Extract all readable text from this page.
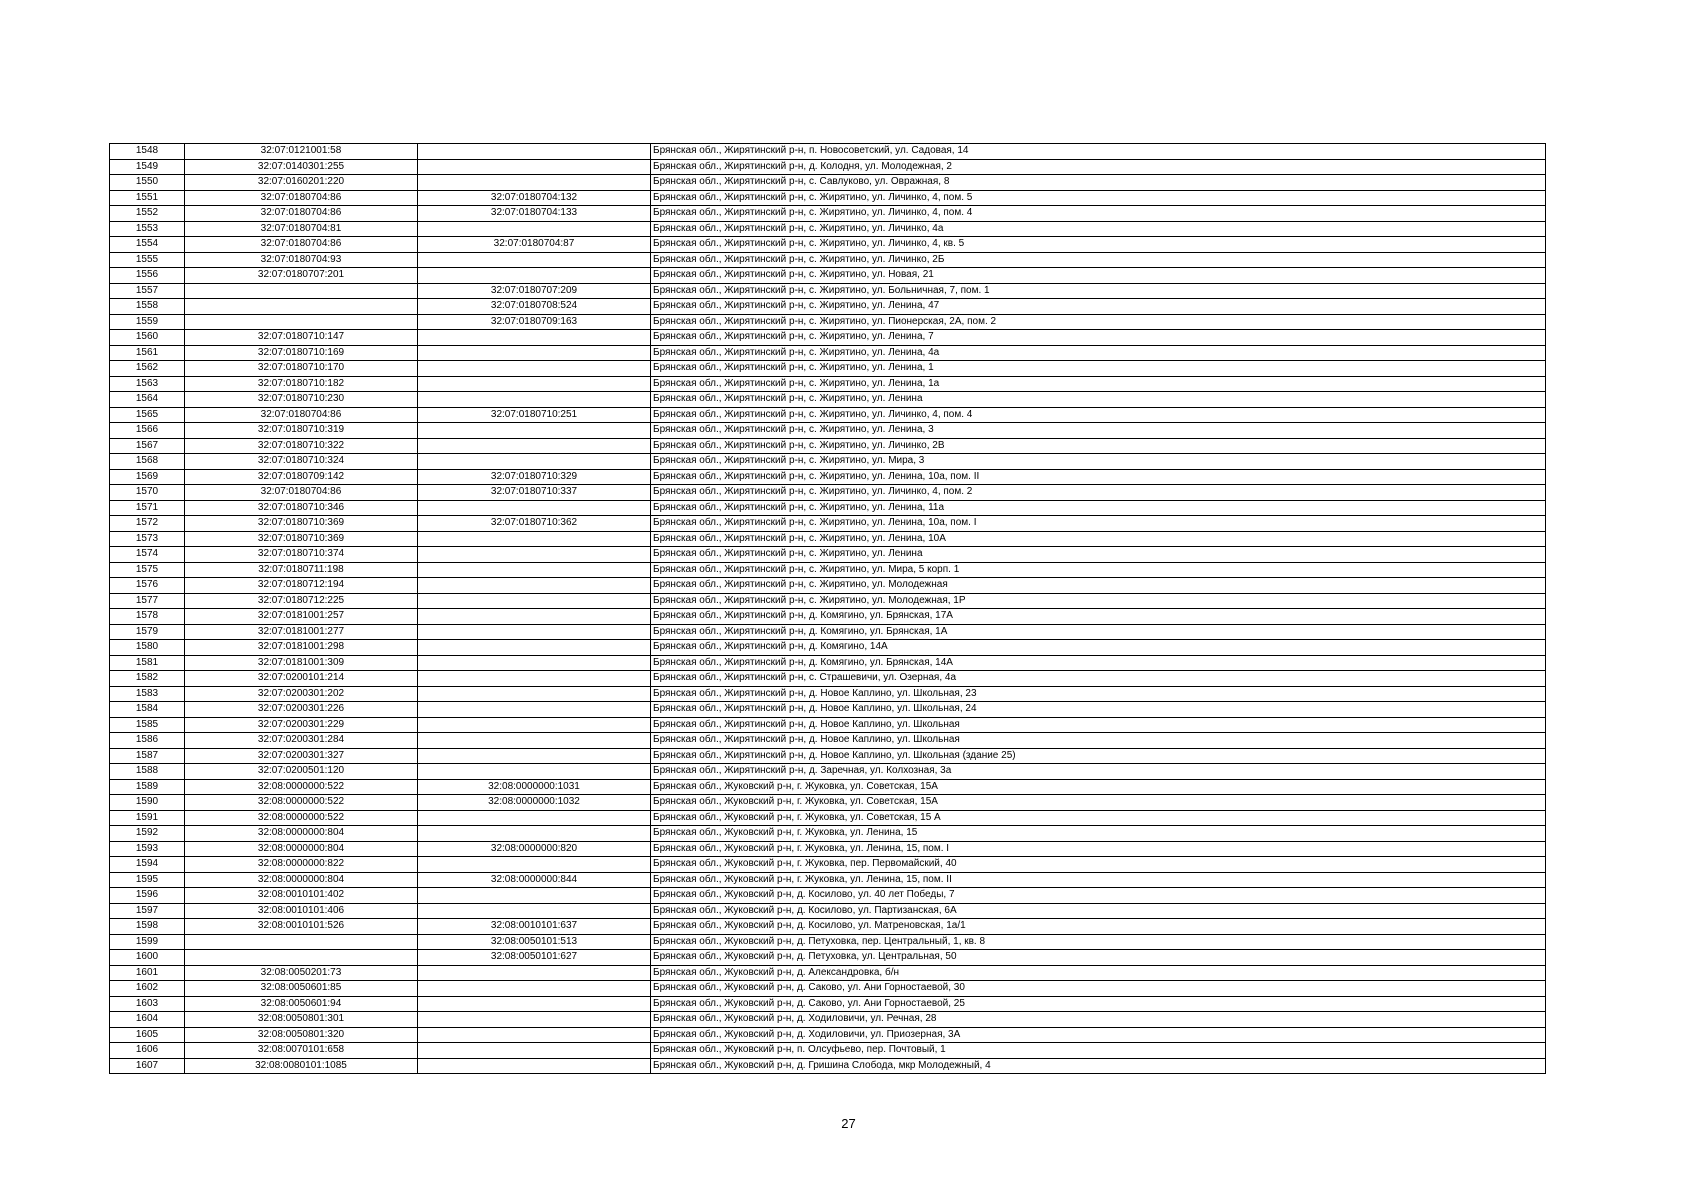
1548	32:07:0121001:58		Брянская обл., Жирятинский р-н, п. Новосоветский, ул. Садовая, 14
1549	32:07:0140301:255		Брянская обл., Жирятинский р-н, д. Колодня, ул. Молодежная, 2
1550	32:07:0160201:220		Брянская обл., Жирятинский р-н, с. Савлуково, ул. Овражная, 8
1551	32:07:0180704:86	32:07:0180704:132	Брянская обл., Жирятинский р-н, с. Жирятино, ул. Личинко, 4, пом. 5
1552	32:07:0180704:86	32:07:0180704:133	Брянская обл., Жирятинский р-н, с. Жирятино, ул. Личинко, 4, пом. 4
1553	32:07:0180704:81		Брянская обл., Жирятинский р-н, с. Жирятино, ул. Личинко, 4а
1554	32:07:0180704:86	32:07:0180704:87	Брянская обл., Жирятинский р-н, с. Жирятино, ул. Личинко, 4, кв. 5
1555	32:07:0180704:93		Брянская обл., Жирятинский р-н, с. Жирятино, ул. Личинко, 2Б
1556	32:07:0180707:201		Брянская обл., Жирятинский р-н, с. Жирятино, ул. Новая, 21
1557		32:07:0180707:209	Брянская обл., Жирятинский р-н, с. Жирятино, ул. Больничная, 7, пом. 1
1558		32:07:0180708:524	Брянская обл., Жирятинский р-н, с. Жирятино, ул. Ленина, 47
1559		32:07:0180709:163	Брянская обл., Жирятинский р-н, с. Жирятино, ул. Пионерская, 2А, пом. 2
1560	32:07:0180710:147		Брянская обл., Жирятинский р-н, с. Жирятино, ул. Ленина, 7
1561	32:07:0180710:169		Брянская обл., Жирятинский р-н, с. Жирятино, ул. Ленина, 4а
1562	32:07:0180710:170		Брянская обл., Жирятинский р-н, с. Жирятино, ул. Ленина, 1
1563	32:07:0180710:182		Брянская обл., Жирятинский р-н, с. Жирятино, ул. Ленина, 1а
1564	32:07:0180710:230		Брянская обл., Жирятинский р-н, с. Жирятино, ул. Ленина
1565	32:07:0180704:86	32:07:0180710:251	Брянская обл., Жирятинский р-н, с. Жирятино, ул. Личинко, 4, пом. 4
1566	32:07:0180710:319		Брянская обл., Жирятинский р-н, с. Жирятино, ул. Ленина, 3
1567	32:07:0180710:322		Брянская обл., Жирятинский р-н, с. Жирятино, ул. Личинко, 2В
1568	32:07:0180710:324		Брянская обл., Жирятинский р-н, с. Жирятино, ул. Мира, 3
1569	32:07:0180709:142	32:07:0180710:329	Брянская обл., Жирятинский р-н, с. Жирятино, ул. Ленина, 10а, пом. II
1570	32:07:0180704:86	32:07:0180710:337	Брянская обл., Жирятинский р-н, с. Жирятино, ул. Личинко, 4, пом. 2
1571	32:07:0180710:346		Брянская обл., Жирятинский р-н, с. Жирятино, ул. Ленина, 11а
1572	32:07:0180710:369	32:07:0180710:362	Брянская обл., Жирятинский р-н, с. Жирятино, ул. Ленина, 10а, пом. I
1573	32:07:0180710:369		Брянская обл., Жирятинский р-н, с. Жирятино, ул. Ленина, 10А
1574	32:07:0180710:374		Брянская обл., Жирятинский р-н, с. Жирятино, ул. Ленина
1575	32:07:0180711:198		Брянская обл., Жирятинский р-н, с. Жирятино, ул. Мира, 5 корп. 1
1576	32:07:0180712:194		Брянская обл., Жирятинский р-н, с. Жирятино, ул. Молодежная
1577	32:07:0180712:225		Брянская обл., Жирятинский р-н, с. Жирятино, ул. Молодежная, 1Р
1578	32:07:0181001:257		Брянская обл., Жирятинский р-н, д. Комягино, ул. Брянская, 17А
1579	32:07:0181001:277		Брянская обл., Жирятинский р-н, д. Комягино, ул. Брянская, 1А
1580	32:07:0181001:298		Брянская обл., Жирятинский р-н, д. Комягино, 14А
1581	32:07:0181001:309		Брянская обл., Жирятинский р-н, д. Комягино, ул. Брянская, 14А
1582	32:07:0200101:214		Брянская обл., Жирятинский р-н, с. Страшевичи, ул. Озерная, 4а
1583	32:07:0200301:202		Брянская обл., Жирятинский р-н, д. Новое Каплино, ул. Школьная, 23
1584	32:07:0200301:226		Брянская обл., Жирятинский р-н, д. Новое Каплино, ул. Школьная, 24
1585	32:07:0200301:229		Брянская обл., Жирятинский р-н, д. Новое Каплино, ул. Школьная
1586	32:07:0200301:284		Брянская обл., Жирятинский р-н, д. Новое Каплино, ул. Школьная
1587	32:07:0200301:327		Брянская обл., Жирятинский р-н, д. Новое Каплино, ул. Школьная (здание 25)
1588	32:07:0200501:120		Брянская обл., Жирятинский р-н, д. Заречная, ул. Колхозная, 3а
1589	32:08:0000000:522	32:08:0000000:1031	Брянская обл., Жуковский р-н, г. Жуковка, ул. Советская, 15А
1590	32:08:0000000:522	32:08:0000000:1032	Брянская обл., Жуковский р-н, г. Жуковка, ул. Советская, 15А
1591	32:08:0000000:522		Брянская обл., Жуковский р-н, г. Жуковка, ул. Советская, 15 А
1592	32:08:0000000:804		Брянская обл., Жуковский р-н, г. Жуковка, ул. Ленина, 15
1593	32:08:0000000:804	32:08:0000000:820	Брянская обл., Жуковский р-н, г. Жуковка, ул. Ленина, 15, пом. I
1594	32:08:0000000:822		Брянская обл., Жуковский р-н, г. Жуковка, пер. Первомайский, 40
1595	32:08:0000000:804	32:08:0000000:844	Брянская обл., Жуковский р-н, г. Жуковка, ул. Ленина, 15, пом. II
1596	32:08:0010101:402		Брянская обл., Жуковский р-н, д. Косилово, ул. 40 лет Победы, 7
1597	32:08:0010101:406		Брянская обл., Жуковский р-н, д. Косилово, ул. Партизанская, 6А
1598	32:08:0010101:526	32:08:0010101:637	Брянская обл., Жуковский р-н, д. Косилово, ул. Матреновская, 1а/1
1599		32:08:0050101:513	Брянская обл., Жуковский р-н, д. Петуховка, пер. Центральный, 1, кв. 8
1600		32:08:0050101:627	Брянская обл., Жуковский р-н, д. Петуховка, ул. Центральная, 50
1601	32:08:0050201:73		Брянская обл., Жуковский р-н, д. Александровка, б/н
1602	32:08:0050601:85		Брянская обл., Жуковский р-н, д. Саково, ул. Ани Горностаевой, 30
1603	32:08:0050601:94		Брянская обл., Жуковский р-н, д. Саково, ул. Ани Горностаевой, 25
1604	32:08:0050801:301		Брянская обл., Жуковский р-н, д. Ходиловичи, ул. Речная, 28
1605	32:08:0050801:320		Брянская обл., Жуковский р-н, д. Ходиловичи, ул. Приозерная, 3А
1606	32:08:0070101:658		Брянская обл., Жуковский р-н, п. Олсуфьево, пер. Почтовый, 1
1607	32:08:0080101:1085		Брянская обл., Жуковский р-н, д. Гришина Слобода, мкр Молодежный, 4
27
